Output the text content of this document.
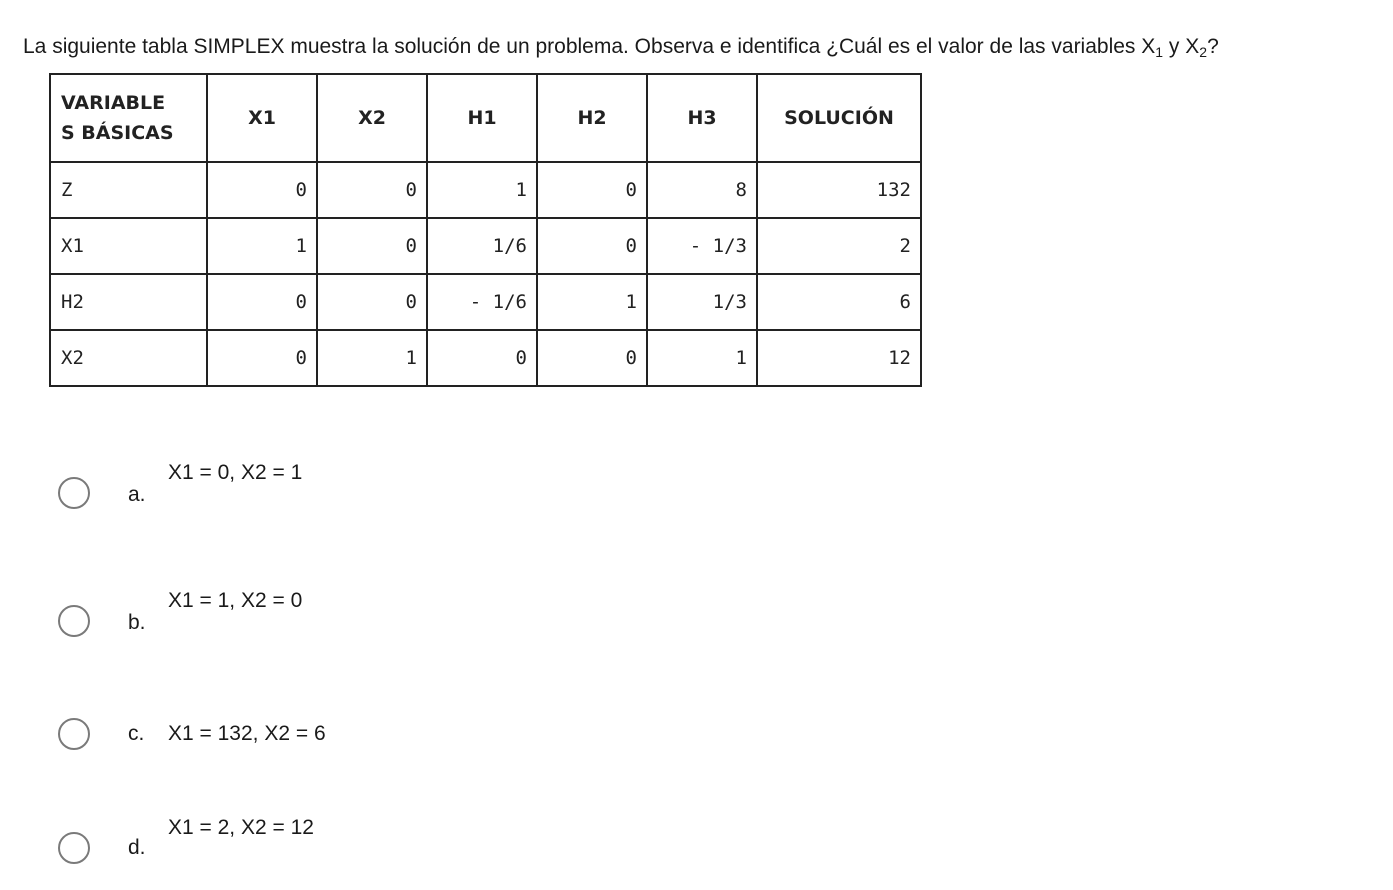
La siguiente tabla SIMPLEX muestra la solución de un problema. Observa e identifica ¿Cuál es el valor de las variables $X_1$ y $X_2$?
VARIABLE
S BÁSICAS	X1	X2	H1	H2	H3	SOLUCIÓN
Z	0	0	1	0	8	132
X1	1	0	1/6	0	- 1/3	2
H2	0	0	- 1/6	1	1/3	6
X2	0	1	0	0	1	12
a.
X1 = 0, X2 = 1
b.
X1 = 1, X2 = 0
c. X1 = 132, X2 = 6
d.
X1 = 2, X2 = 12
